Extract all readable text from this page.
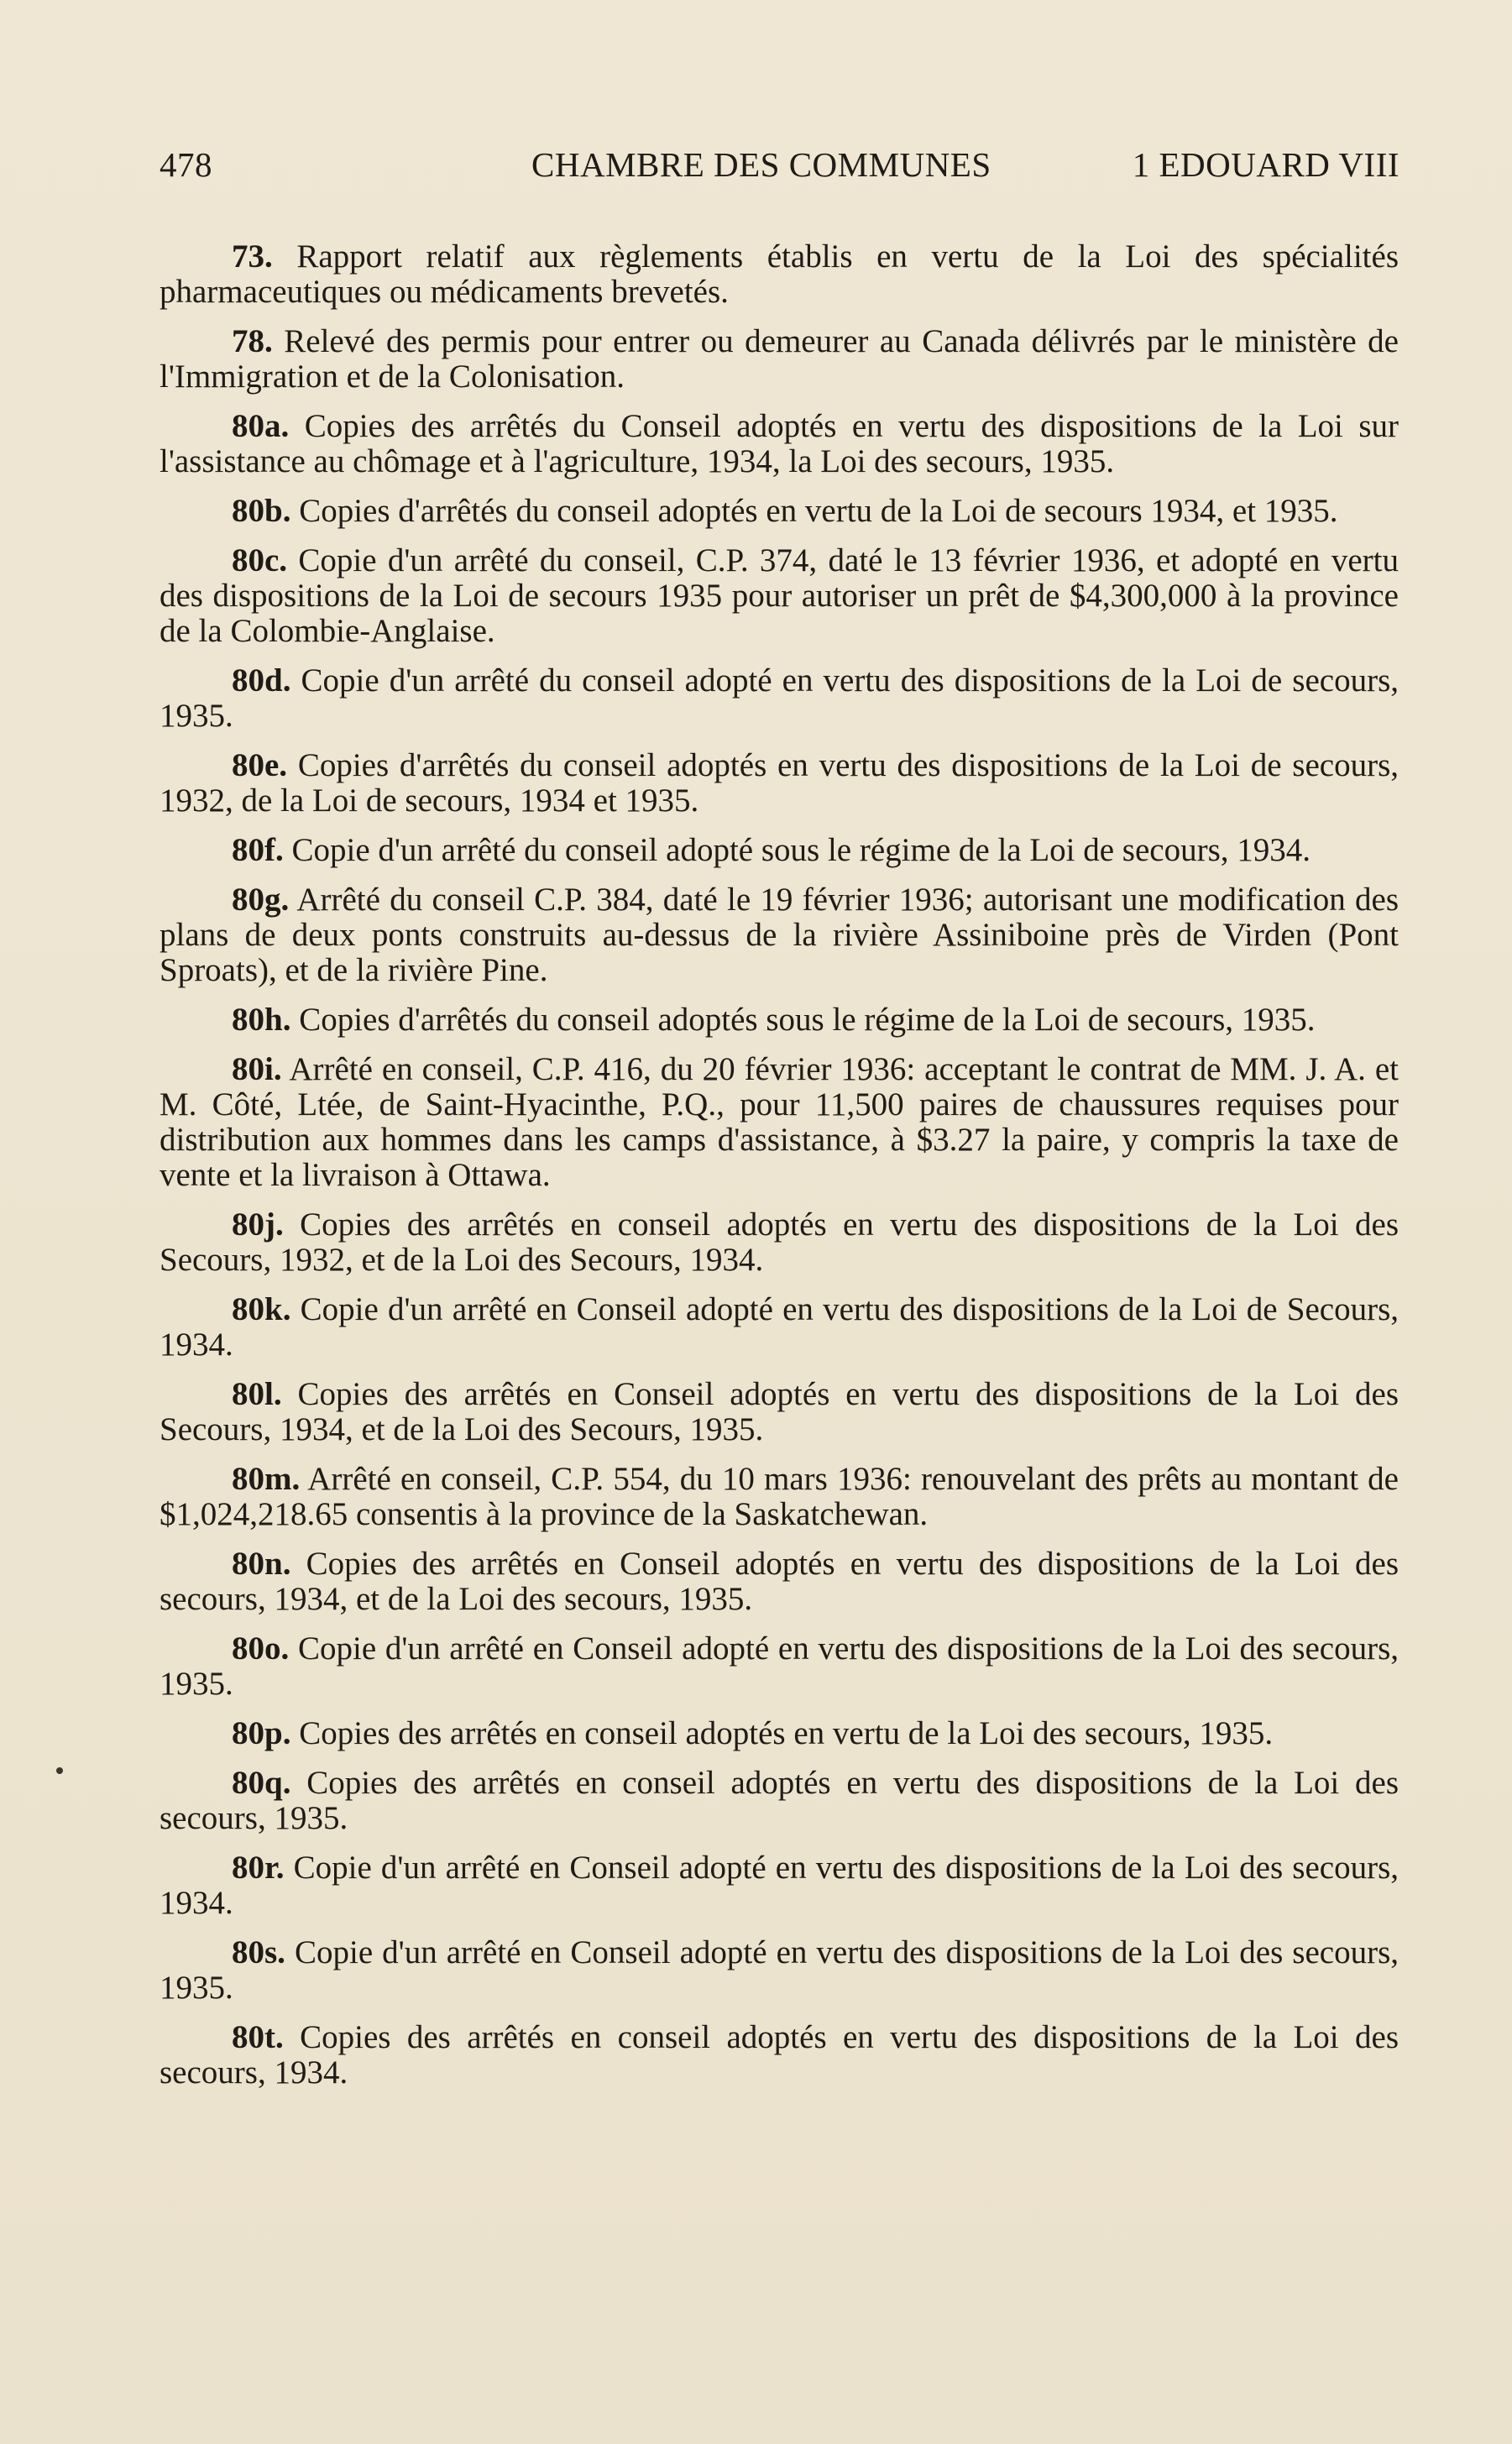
478	CHAMBRE DES COMMUNES	1 EDOUARD VIII

73. Rapport relatif aux règlements établis en vertu de la Loi des spécialités pharmaceutiques ou médicaments brevetés.

78. Relevé des permis pour entrer ou demeurer au Canada délivrés par le ministère de l'Immigration et de la Colonisation.

80a. Copies des arrêtés du Conseil adoptés en vertu des dispositions de la Loi sur l'assistance au chômage et à l'agriculture, 1934, la Loi des secours, 1935.

80b. Copies d'arrêtés du conseil adoptés en vertu de la Loi de secours 1934, et 1935.

80c. Copie d'un arrêté du conseil, C.P. 374, daté le 13 février 1936, et adopté en vertu des dispositions de la Loi de secours 1935 pour autoriser un prêt de $4,300,000 à la province de la Colombie-Anglaise.

80d. Copie d'un arrêté du conseil adopté en vertu des dispositions de la Loi de secours, 1935.

80e. Copies d'arrêtés du conseil adoptés en vertu des dispositions de la Loi de secours, 1932, de la Loi de secours, 1934 et 1935.

80f. Copie d'un arrêté du conseil adopté sous le régime de la Loi de secours, 1934.

80g. Arrêté du conseil C.P. 384, daté le 19 février 1936; autorisant une modification des plans de deux ponts construits au-dessus de la rivière Assiniboine près de Virden (Pont Sproats), et de la rivière Pine.

80h. Copies d'arrêtés du conseil adoptés sous le régime de la Loi de secours, 1935.

80i. Arrêté en conseil, C.P. 416, du 20 février 1936: acceptant le contrat de MM. J. A. et M. Côté, Ltée, de Saint-Hyacinthe, P.Q., pour 11,500 paires de chaussures requises pour distribution aux hommes dans les camps d'assistance, à $3.27 la paire, y compris la taxe de vente et la livraison à Ottawa.

80j. Copies des arrêtés en conseil adoptés en vertu des dispositions de la Loi des Secours, 1932, et de la Loi des Secours, 1934.

80k. Copie d'un arrêté en Conseil adopté en vertu des dispositions de la Loi de Secours, 1934.

80l. Copies des arrêtés en Conseil adoptés en vertu des dispositions de la Loi des Secours, 1934, et de la Loi des Secours, 1935.

80m. Arrêté en conseil, C.P. 554, du 10 mars 1936: renouvelant des prêts au montant de $1,024,218.65 consentis à la province de la Saskatchewan.

80n. Copies des arrêtés en Conseil adoptés en vertu des dispositions de la Loi des secours, 1934, et de la Loi des secours, 1935.

80o. Copie d'un arrêté en Conseil adopté en vertu des dispositions de la Loi des secours, 1935.

80p. Copies des arrêtés en conseil adoptés en vertu de la Loi des secours, 1935.

80q. Copies des arrêtés en conseil adoptés en vertu des dispositions de la Loi des secours, 1935.

80r. Copie d'un arrêté en Conseil adopté en vertu des dispositions de la Loi des secours, 1934.

80s. Copie d'un arrêté en Conseil adopté en vertu des dispositions de la Loi des secours, 1935.

80t. Copies des arrêtés en conseil adoptés en vertu des dispositions de la Loi des secours, 1934.
